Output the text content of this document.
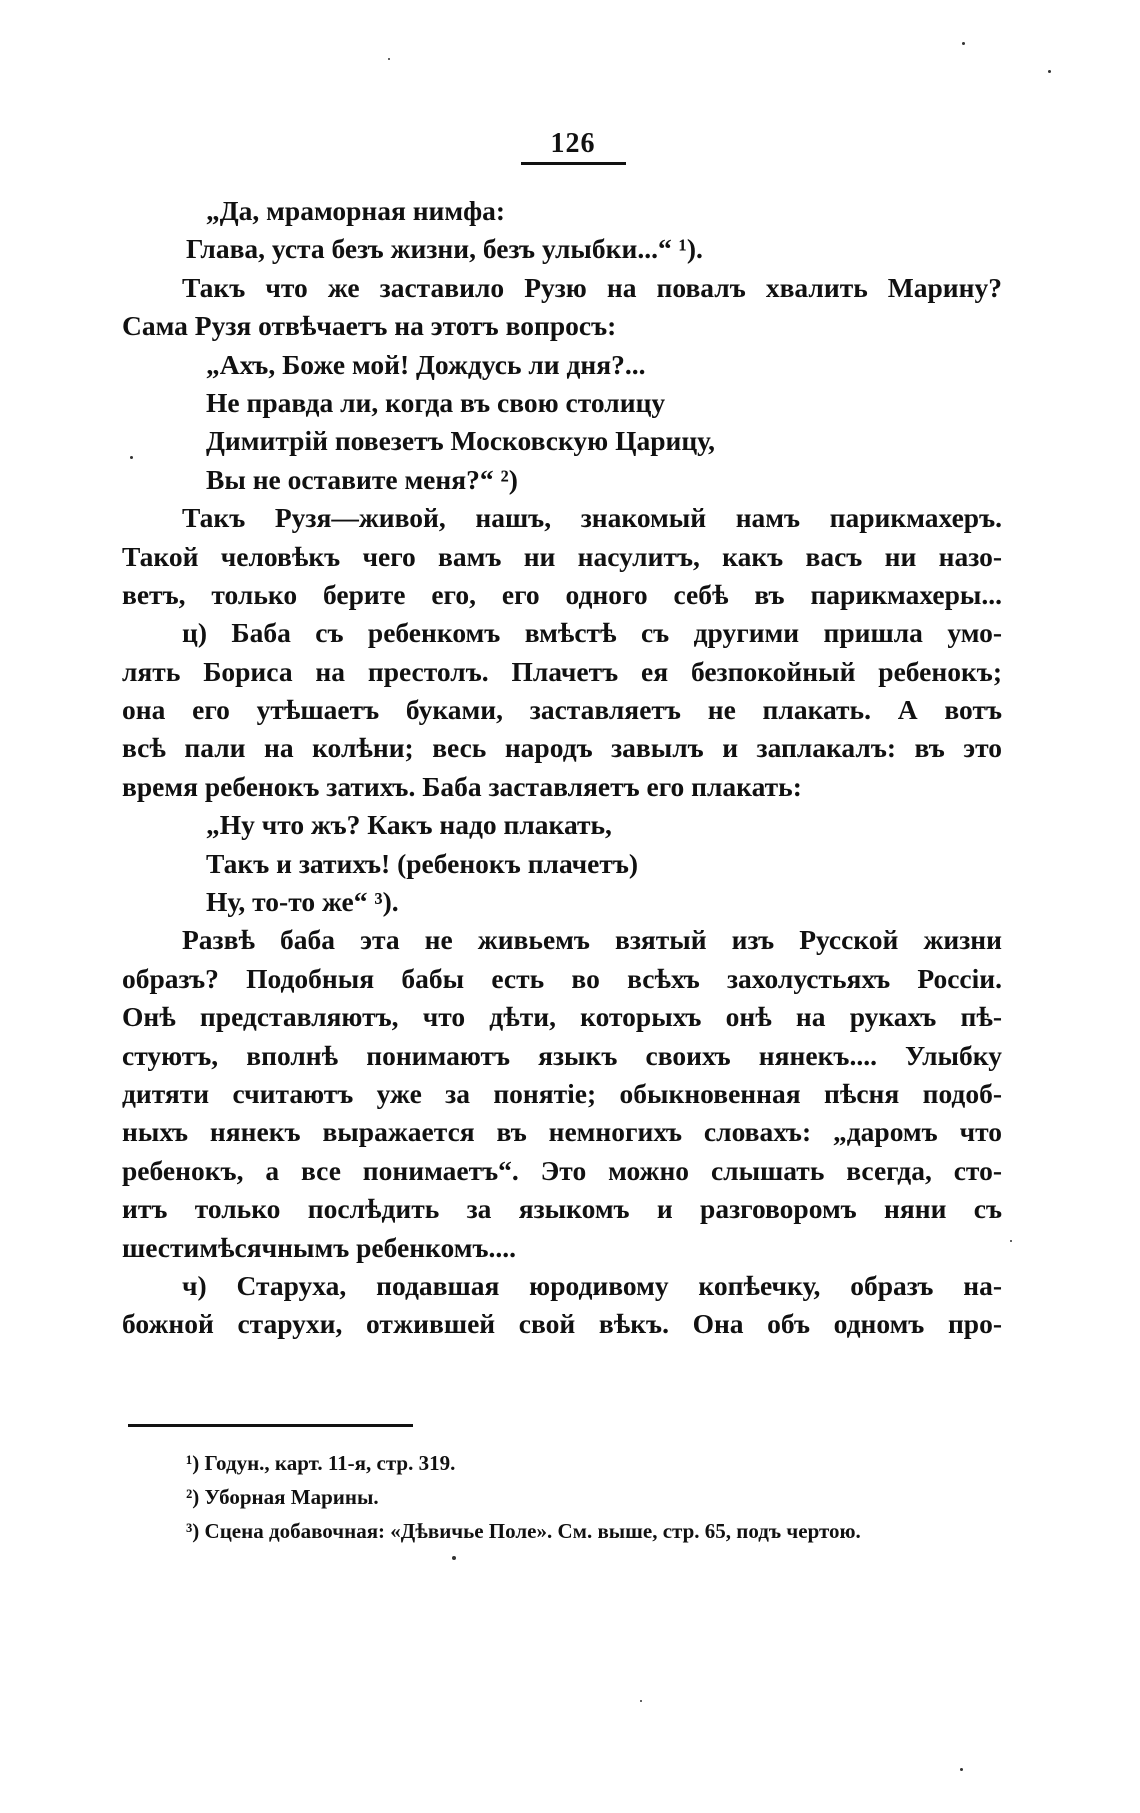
126
„Да, мраморная нимфа:
Глава, уста безъ жизни, безъ улыбки...“ ¹).
Такъ что же заставило Рузю на повалъ хвалить Марину?
Сама Рузя отвѣчаетъ на этотъ вопросъ:
„Ахъ, Боже мой! Дождусь ли дня?...
Не правда ли, когда въ свою столицу
Димитрій повезетъ Московскую Царицу,
Вы не оставите меня?“ ²)
Такъ Рузя—живой, нашъ, знакомый намъ парикмахеръ.
Такой человѣкъ чего вамъ ни насулитъ, какъ васъ ни назо-
ветъ, только берите его, его одного себѣ въ парикмахеры...
ц) Баба съ ребенкомъ вмѣстѣ съ другими пришла умо-
лять Бориса на престолъ. Плачетъ ея безпокойный ребенокъ;
она его утѣшаетъ буками, заставляетъ не плакать. А вотъ
всѣ пали на колѣни; весь народъ завылъ и заплакалъ: въ это
время ребенокъ затихъ. Баба заставляетъ его плакать:
„Ну что жъ? Какъ надо плакать,
Такъ и затихъ! (ребенокъ плачетъ)
Ну, то-то же“ ³).
Развѣ баба эта не живьемъ взятый изъ Русской жизни
образъ? Подобныя бабы есть во всѣхъ захолустьяхъ Россіи.
Онѣ представляютъ, что дѣти, которыхъ онѣ на рукахъ пѣ-
стуютъ, вполнѣ понимаютъ языкъ своихъ нянекъ.... Улыбку
дитяти считаютъ уже за понятіе; обыкновенная пѣсня подоб-
ныхъ нянекъ выражается въ немногихъ словахъ: „даромъ что
ребенокъ, а все понимаетъ“. Это можно слышать всегда, сто-
итъ только послѣдить за языкомъ и разговоромъ няни съ
шестимѣсячнымъ ребенкомъ....
ч) Старуха, подавшая юродивому копѣечку, образъ на-
божной старухи, отжившей свой вѣкъ. Она объ одномъ про-
¹) Годун., карт. 11-я, стр. 319.
²) Уборная Марины.
³) Сцена добавочная: «Дѣвичье Поле». См. выше, стр. 65, подъ чертою.
